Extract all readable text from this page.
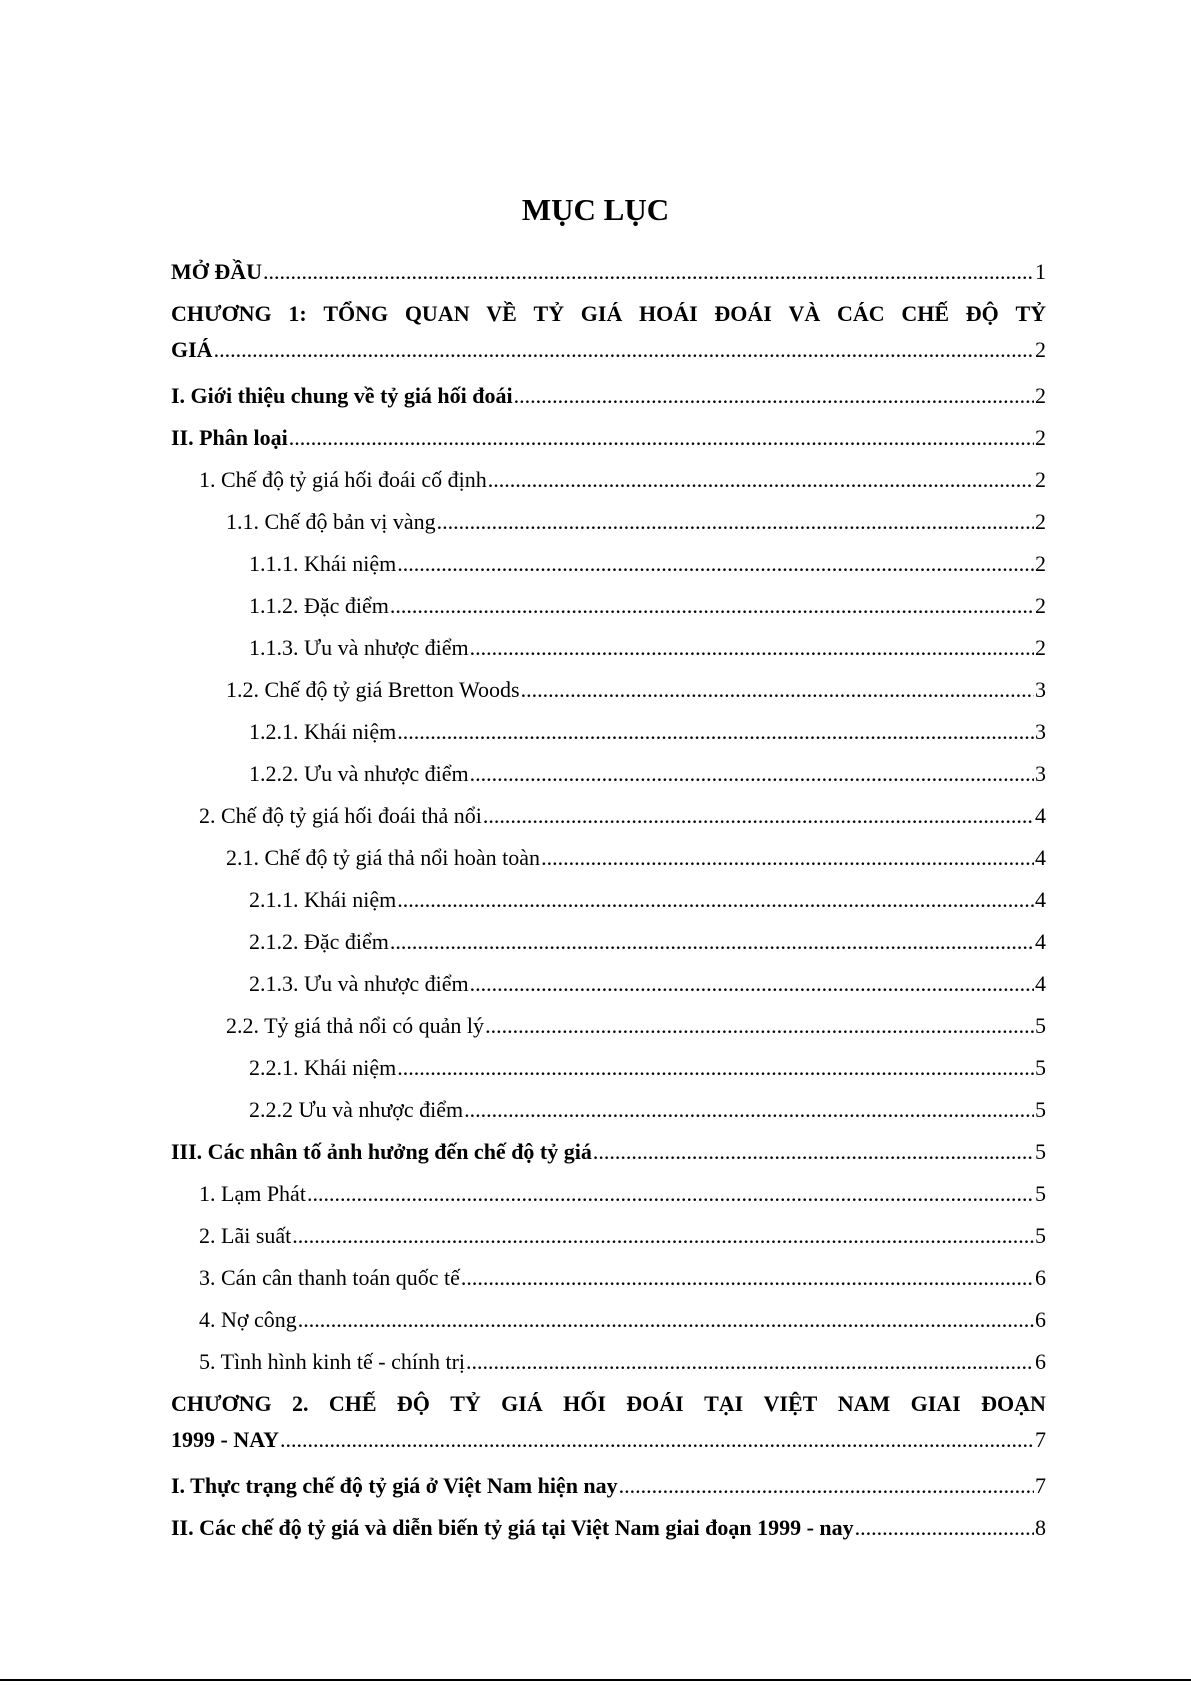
MỤC LỤC
MỞ ĐẦU .....	1
CHƯƠNG 1: TỔNG QUAN VỀ TỶ GIÁ HOÁI ĐOÁI VÀ CÁC CHẾ ĐỘ TỶ
GIÁ .....	2
I. Giới thiệu chung về tỷ giá hối đoái .....	2
II. Phân loại .....	2
1. Chế độ tỷ giá hối đoái cố định .....	2
1.1. Chế độ bản vị vàng .....	2
1.1.1. Khái niệm .....	2
1.1.2. Đặc điểm .....	2
1.1.3. Ưu và nhược điểm .....	2
1.2. Chế độ tỷ giá Bretton Woods .....	3
1.2.1. Khái niệm .....	3
1.2.2. Ưu và nhược điểm .....	3
2. Chế độ tỷ giá hối đoái thả nổi .....	4
2.1. Chế độ tỷ giá thả nổi hoàn toàn .....	4
2.1.1. Khái niệm .....	4
2.1.2. Đặc điểm .....	4
2.1.3. Ưu và nhược điểm .....	4
2.2. Tỷ giá thả nổi có quản lý .....	5
2.2.1. Khái niệm .....	5
2.2.2 Ưu và nhược điểm .....	5
III. Các nhân tố ảnh hưởng đến chế độ tỷ giá .....	5
1. Lạm Phát .....	5
2. Lãi suất .....	5
3. Cán cân thanh toán quốc tế .....	6
4. Nợ công .....	6
5. Tình hình kinh tế - chính trị .....	6
CHƯƠNG 2. CHẾ ĐỘ TỶ GIÁ HỐI ĐOÁI TẠI VIỆT NAM GIAI ĐOẠN
1999 - NAY .....	7
I. Thực trạng chế độ tỷ giá ở Việt Nam hiện nay .....	7
II. Các chế độ tỷ giá và diễn biến tỷ giá tại Việt Nam giai đoạn 1999 - nay .....	8
